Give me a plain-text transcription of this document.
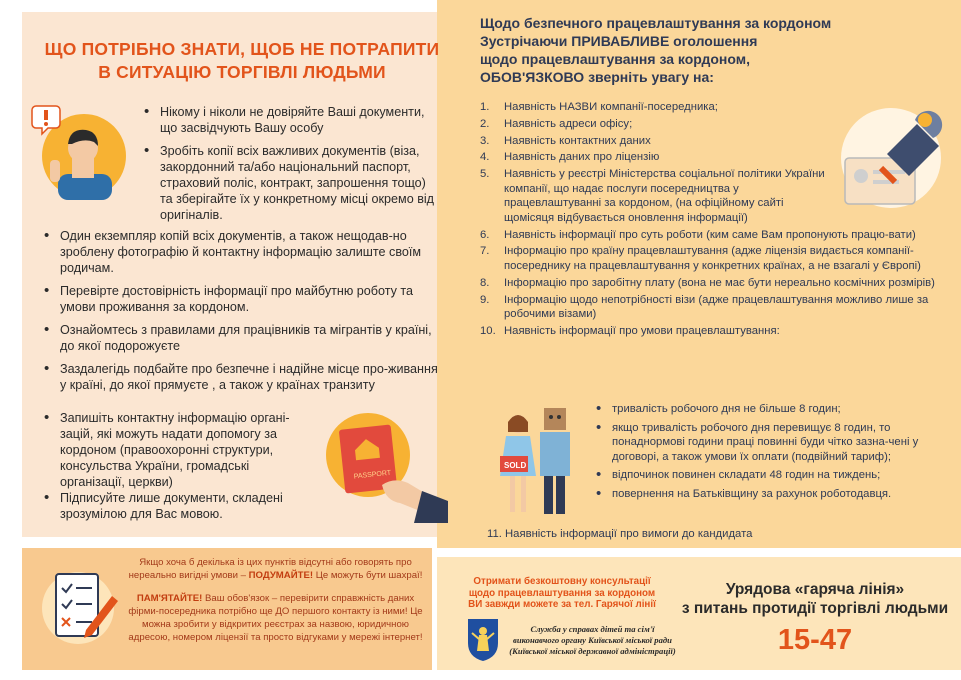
ЩО ПОТРІБНО ЗНАТИ, ЩОБ НЕ ПОТРАПИТИ
В СИТУАЦІЮ ТОРГІВЛІ ЛЮДЬМИ
• Нікому і ніколи не довіряйте Ваші документи, що засвідчують Вашу особу
• Зробіть копії всіх важливих документів (віза, закордонний та/або національний паспорт, страховий поліс, контракт, запрошення тощо) та зберігайте їх у конкретному місці окремо від оригіналів.
• Один екземпляр копій всіх документів, а також нещодав-но зроблену фотографію й контактну інформацію залиште своїм родичам.
• Перевірте достовірність інформації про майбутню роботу та умови проживання за кордоном.
• Ознайомтесь з правилами для працівників та мігрантів у країні, до якої подорожуєте
• Заздалегідь подбайте про безпечне і надійне місце про-живання у країні, до якої прямуєте , а також у країнах транзиту
• Запишіть контактну інформацію органі-зацій, які можуть надати допомогу за кордоном (правоохоронні структури, консульства України, громадські організації, церкви)
• Підписуйте лише документи, складені зрозумілою для Вас мовою.
PASSPORT
Щодо безпечного працевлаштування за кордоном
Зустрічаючи ПРИВАБЛИВЕ оголошення
щодо працевлаштування за кордоном,
ОБОВ'ЯЗКОВО зверніть увагу на:
1. Наявність НАЗВИ компанії-посередника;
2. Наявність адреси офісу;
3. Наявність контактних даних
4. Наявність даних про ліцензію
5. Наявність у реєстрі Міністерства соціальної політики України компанії, що надає послуги посередництва у працевлаштуванні за кордоном, (на офіційному сайті щомісяця відбувається оновлення інформації)
6. Наявність інформації про суть роботи (ким саме Вам пропонують працю-вати)
7. Інформацію про країну працевлаштування (адже ліцензія видається компанії-посереднику на працевлаштування у конкретних країнах, а не взагалі у Європі)
8. Інформацію про заробітну плату (вона не має бути нереально космічних розмірів)
9. Інформацію щодо непотрібності візи (адже працевлаштування можливо лише за робочими візами)
10. Наявність інформації про умови працевлаштування:
SOLD
• тривалість робочого дня не більше 8 годин;
• якщо тривалість робочого дня перевищує 8 годин, то понаднормові години праці повинні буди чітко зазна-чені у договорі, а також умови їх оплати (подвійний тариф);
• відпочинок повинен складати 48 годин на тиждень;
• повернення на Батьківщину за рахунок роботодавця.
11. Наявність інформації про вимоги до кандидата
Якщо хоча б декілька із цих пунктів відсутні або говорять про нереально вигідні умови – ПОДУМАЙТЕ! Це можуть бути шахраї!
ПАМ'ЯТАЙТЕ! Ваш обов'язок – перевірити справжність даних фірми-посередника потрібно ще ДО першого контакту із ними! Це можна зробити у відкритих реєстрах за назвою, юридичною адресою, номером ліцензії та просто відгуками у мережі інтернет!
Отримати безкоштовну консультації
щодо працевлаштування за кордоном
ВИ завжди можете за тел. Гарячої лінії
Служба у справах дітей та сім'ї
виконавчого органу Київської міської ради
(Київської міської державної адміністрації)
Урядова «гаряча лінія»
з питань протидії торгівлі людьми
15-47
